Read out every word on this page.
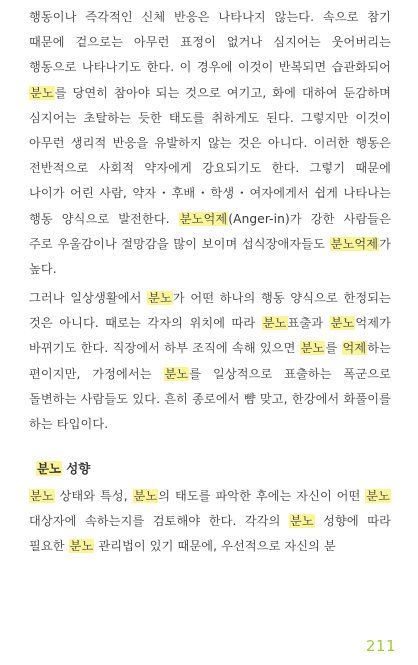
행동이나 즉각적인 신체 반응은 나타나지 않는다. 속으로 참기 때문에 겉으로는 아무런 표정이 없거나 심지어는 웃어버리는 행동으로 나타나기도 한다. 이 경우에 이것이 반복되면 습관화되어 분노를 당연히 참아야 되는 것으로 여기고, 화에 대하여 둔감하며 심지어는 초탈하는 듯한 태도를 취하게도 된다. 그렇지만 이것이 아무런 생리적 반응을 유발하지 않는 것은 아니다. 이러한 행동은 전반적으로 사회적 약자에게 강요되기도 한다. 그렇기 때문에 나이가 어린 사람, 약자・후배・학생・여자에게서 쉽게 나타나는 행동 양식으로 발전한다. 분노억제(Anger-in)가 강한 사람들은 주로 우울감이나 절망감을 많이 보이며 섭식장애자들도 분노억제가 높다.

그러나 일상생활에서 분노가 어떤 하나의 행동 양식으로 한정되는 것은 아니다. 때로는 각자의 위치에 따라 분노표출과 분노억제가 바뀌기도 한다. 직장에서 하부 조직에 속해 있으면 분노를 억제하는 편이지만, 가정에서는 분노를 일상적으로 표출하는 폭군으로 돌변하는 사람들도 있다. 흔히 종로에서 뺨 맞고, 한강에서 화풀이를 하는 타입이다.

분노 성향

분노 상태와 특성, 분노의 태도를 파악한 후에는 자신이 어떤 분노 대상자에 속하는지를 검토해야 한다. 각각의 분노 성향에 따라 필요한 분노 관리법이 있기 때문에, 우선적으로 자신의 분

211
